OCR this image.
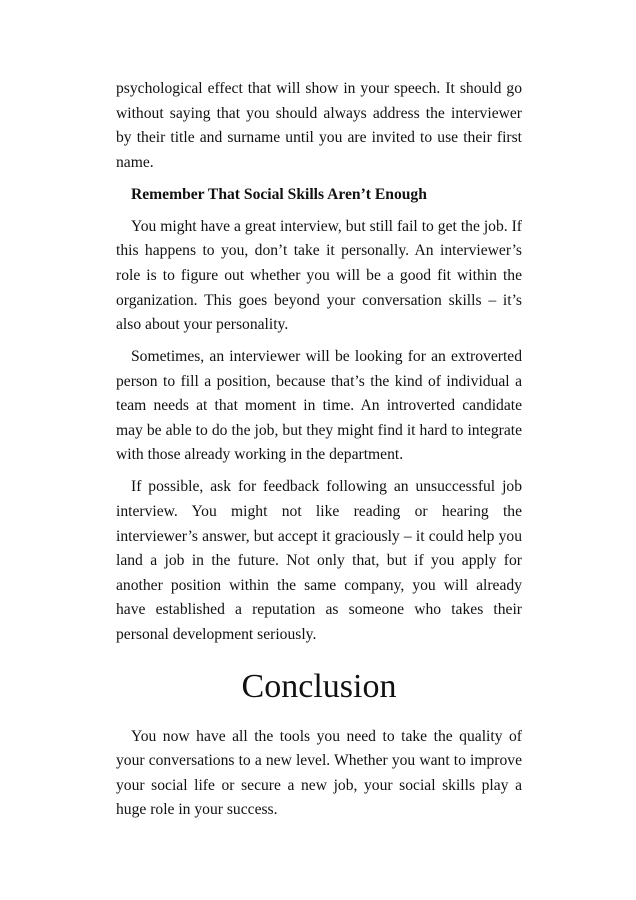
psychological effect that will show in your speech. It should go without saying that you should always address the interviewer by their title and surname until you are invited to use their first name.

Remember That Social Skills Aren’t Enough

You might have a great interview, but still fail to get the job. If this happens to you, don’t take it personally. An interviewer’s role is to figure out whether you will be a good fit within the organization. This goes beyond your conversation skills – it’s also about your personality.

Sometimes, an interviewer will be looking for an extroverted person to fill a position, because that’s the kind of individual a team needs at that moment in time. An introverted candidate may be able to do the job, but they might find it hard to integrate with those already working in the department.

If possible, ask for feedback following an unsuccessful job interview. You might not like reading or hearing the interviewer’s answer, but accept it graciously – it could help you land a job in the future. Not only that, but if you apply for another position within the same company, you will already have established a reputation as someone who takes their personal development seriously.

Conclusion

You now have all the tools you need to take the quality of your conversations to a new level. Whether you want to improve your social life or secure a new job, your social skills play a huge role in your success.
